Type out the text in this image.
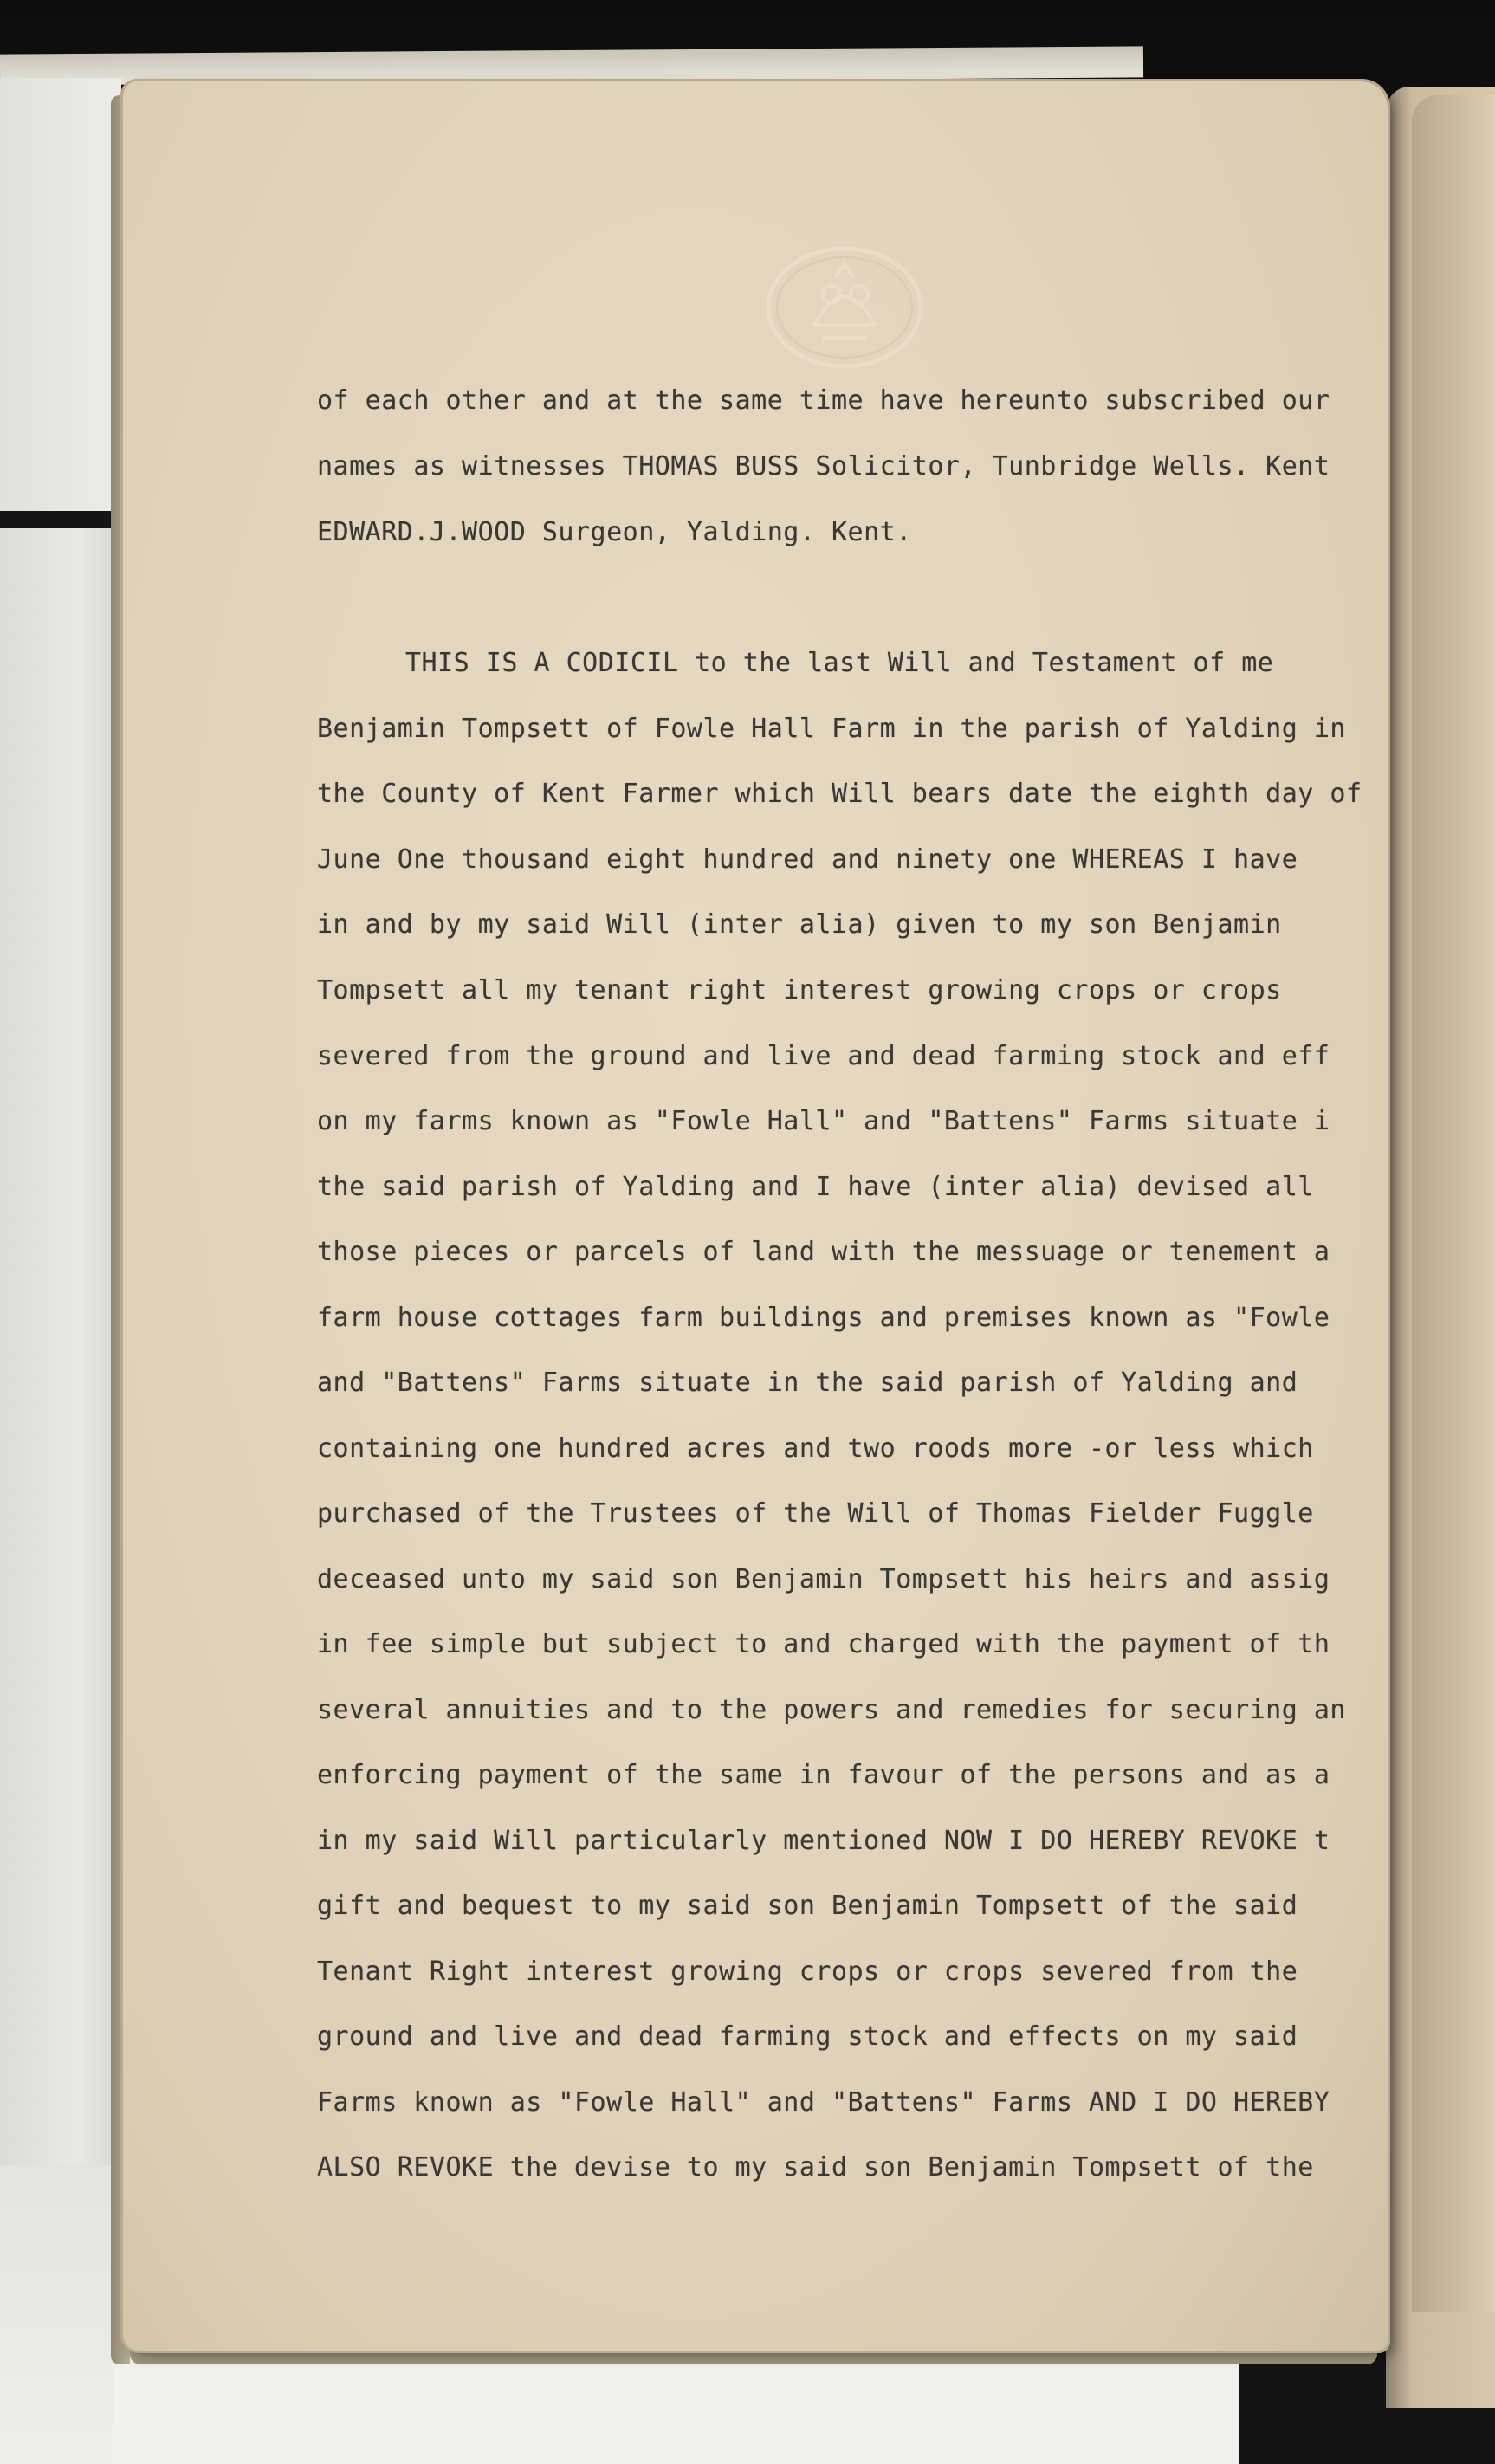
of each other and at the same time have hereunto subscribed our
names as witnesses THOMAS BUSS Solicitor, Tunbridge Wells. Kent
EDWARD.J.WOOD Surgeon, Yalding. Kent.
THIS IS A CODICIL to the last Will and Testament of me
Benjamin Tompsett of Fowle Hall Farm in the parish of Yalding in
the County of Kent Farmer which Will bears date the eighth day of
June One thousand eight hundred and ninety one WHEREAS I have
in and by my said Will (inter alia) given to my son Benjamin
Tompsett all my tenant right interest growing crops or crops
severed from the ground and live and dead farming stock and eff
on my farms known as "Fowle Hall" and "Battens" Farms situate i
the said parish of Yalding and I have (inter alia) devised all
those pieces or parcels of land with the messuage or tenement a
farm house cottages farm buildings and premises known as "Fowle
and "Battens" Farms situate in the said parish of Yalding and
containing one hundred acres and two roods more -or less which
purchased of the Trustees of the Will of Thomas Fielder Fuggle
deceased unto my said son Benjamin Tompsett his heirs and assig
in fee simple but subject to and charged with the payment of th
several annuities and to the powers and remedies for securing an
enforcing payment of the same in favour of the persons and as a
in my said Will particularly mentioned NOW I DO HEREBY REVOKE t
gift and bequest to my said son Benjamin Tompsett of the said
Tenant Right interest growing crops or crops severed from the
ground and live and dead farming stock and effects on my said
Farms known as "Fowle Hall" and "Battens" Farms AND I DO HEREBY
ALSO REVOKE the devise to my said son Benjamin Tompsett of the
